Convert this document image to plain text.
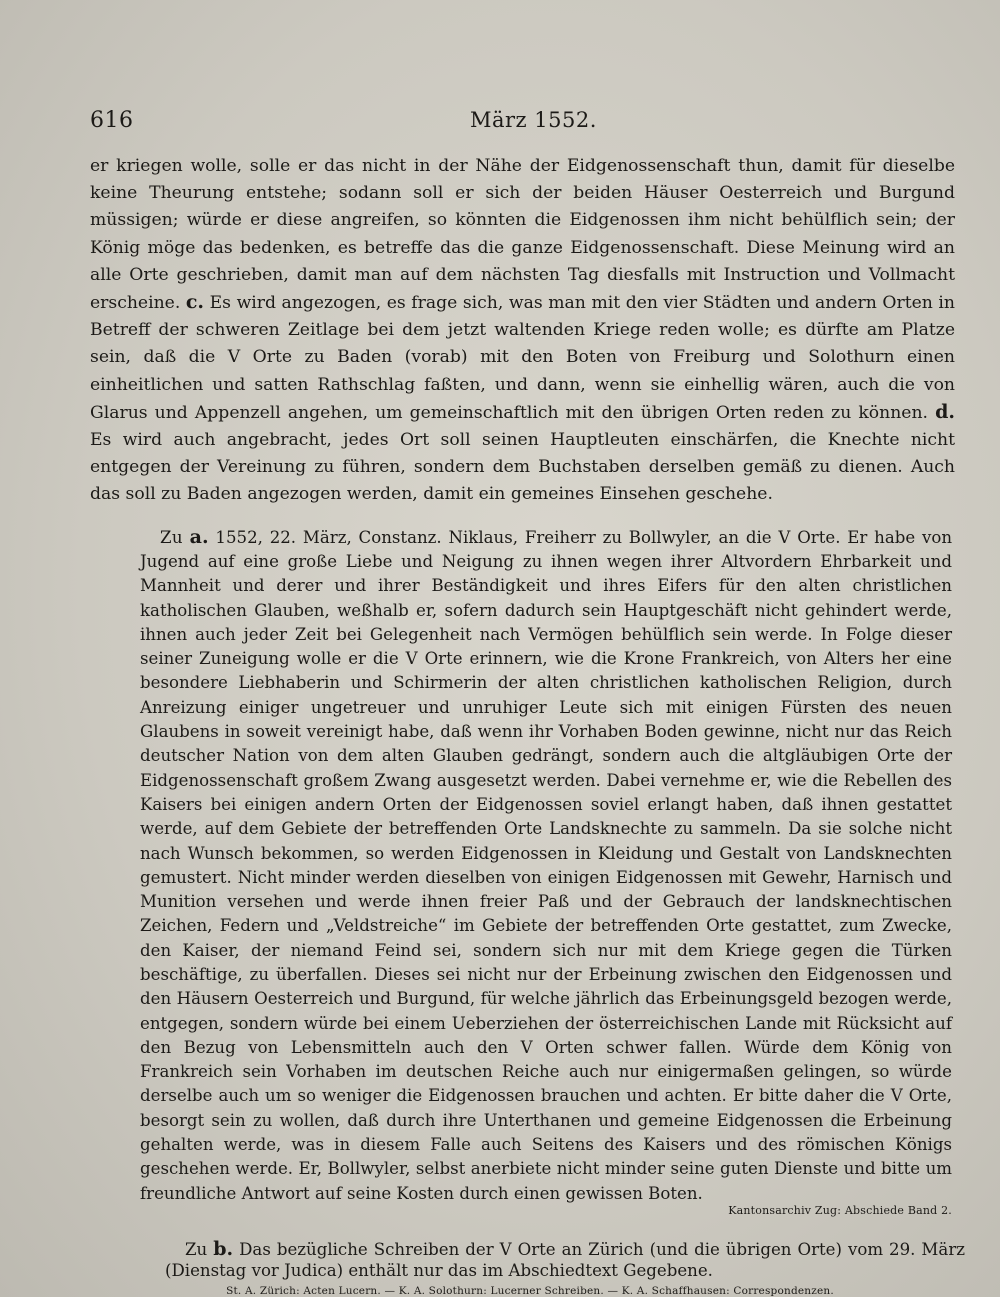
616	März 1552.

er kriegen wolle, solle er das nicht in der Nähe der Eidgenossenschaft thun, damit für dieselbe keine Theurung entstehe; sodann soll er sich der beiden Häuser Oesterreich und Burgund müssigen; würde er diese angreifen, so könnten die Eidgenossen ihm nicht behülflich sein; der König möge das bedenken, es betreffe das die ganze Eidgenossenschaft. Diese Meinung wird an alle Orte geschrieben, damit man auf dem nächsten Tag diesfalls mit Instruction und Vollmacht erscheine. c. Es wird angezogen, es frage sich, was man mit den vier Städten und andern Orten in Betreff der schweren Zeitlage bei dem jetzt waltenden Kriege reden wolle; es dürfte am Platze sein, daß die V Orte zu Baden (vorab) mit den Boten von Freiburg und Solothurn einen einheitlichen und satten Rathschlag faßten, und dann, wenn sie einhellig wären, auch die von Glarus und Appenzell angehen, um gemeinschaftlich mit den übrigen Orten reden zu können. d. Es wird auch angebracht, jedes Ort soll seinen Hauptleuten einschärfen, die Knechte nicht entgegen der Vereinung zu führen, sondern dem Buchstaben derselben gemäß zu dienen. Auch das soll zu Baden angezogen werden, damit ein gemeines Einsehen geschehe.

Zu a. 1552, 22. März, Constanz. Niklaus, Freiherr zu Bollwyler, an die V Orte. Er habe von Jugend auf eine große Liebe und Neigung zu ihnen wegen ihrer Altvordern Ehrbarkeit und Mannheit und derer und ihrer Beständigkeit und ihres Eifers für den alten christlichen katholischen Glauben, weßhalb er, sofern dadurch sein Hauptgeschäft nicht gehindert werde, ihnen auch jeder Zeit bei Gelegenheit nach Vermögen behülflich sein werde. In Folge dieser seiner Zuneigung wolle er die V Orte erinnern, wie die Krone Frankreich, von Alters her eine besondere Liebhaberin und Schirmerin der alten christlichen katholischen Religion, durch Anreizung einiger ungetreuer und unruhiger Leute sich mit einigen Fürsten des neuen Glaubens in soweit vereinigt habe, daß wenn ihr Vorhaben Boden gewinne, nicht nur das Reich deutscher Nation von dem alten Glauben gedrängt, sondern auch die altgläubigen Orte der Eidgenossenschaft großem Zwang ausgesetzt werden. Dabei vernehme er, wie die Rebellen des Kaisers bei einigen andern Orten der Eidgenossen soviel erlangt haben, daß ihnen gestattet werde, auf dem Gebiete der betreffenden Orte Landsknechte zu sammeln. Da sie solche nicht nach Wunsch bekommen, so werden Eidgenossen in Kleidung und Gestalt von Landsknechten gemustert. Nicht minder werden dieselben von einigen Eidgenossen mit Gewehr, Harnisch und Munition versehen und werde ihnen freier Paß und der Gebrauch der landsknechtischen Zeichen, Federn und „Veldstreiche“ im Gebiete der betreffenden Orte gestattet, zum Zwecke, den Kaiser, der niemand Feind sei, sondern sich nur mit dem Kriege gegen die Türken beschäftige, zu überfallen. Dieses sei nicht nur der Erbeinung zwischen den Eidgenossen und den Häusern Oesterreich und Burgund, für welche jährlich das Erbeinungsgeld bezogen werde, entgegen, sondern würde bei einem Ueberziehen der österreichischen Lande mit Rücksicht auf den Bezug von Lebensmitteln auch den V Orten schwer fallen. Würde dem König von Frankreich sein Vorhaben im deutschen Reiche auch nur einigermaßen gelingen, so würde derselbe auch um so weniger die Eidgenossen brauchen und achten. Er bitte daher die V Orte, besorgt sein zu wollen, daß durch ihre Unterthanen und gemeine Eidgenossen die Erbeinung gehalten werde, was in diesem Falle auch Seitens des Kaisers und des römischen Königs geschehen werde. Er, Bollwyler, selbst anerbiete nicht minder seine guten Dienste und bitte um freundliche Antwort auf seine Kosten durch einen gewissen Boten.

Kantonsarchiv Zug: Abschiede Band 2.

Zu b. Das bezügliche Schreiben der V Orte an Zürich (und die übrigen Orte) vom 29. März (Dienstag vor Judica) enthält nur das im Abschiedtext Gegebene.

St. A. Zürich: Acten Lucern. — K. A. Solothurn: Lucerner Schreiben. — K. A. Schaffhausen: Correspondenzen.
